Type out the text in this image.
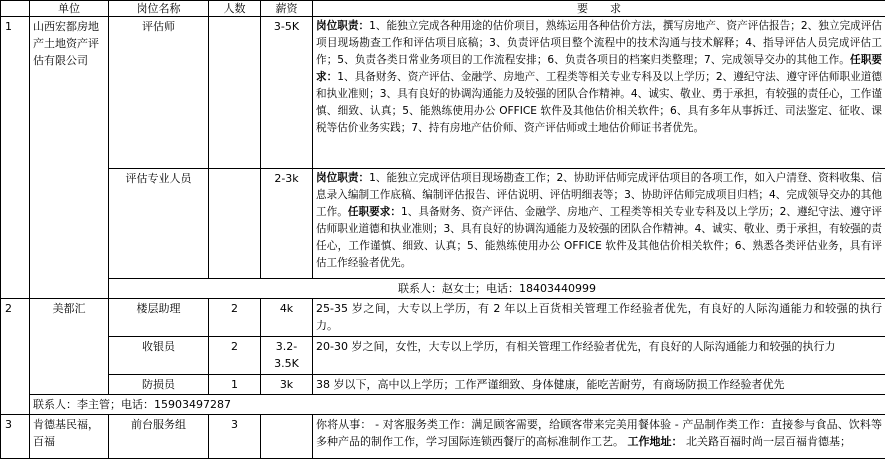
	单位	岗位名称	人数	薪资	要　　求
1	山西宏都房地产土地资产评估有限公司	评估师		3-5K	岗位职责：1、能独立完成各种用途的估价项目，熟练运用各种估价方法，撰写房地产、资产评估报告；2、独立完成评估项目现场勘查工作和评估项目底稿；3、负责评估项目整个流程中的技术沟通与技术解释；4、指导评估人员完成评估工作；5、负责各类日常业务项目的工作流程安排；6、负责各项目的档案归类整理；7、完成领导交办的其他工作。任职要求：1、具备财务、资产评估、金融学、房地产、工程类等相关专业专科及以上学历；2、遵纪守法、遵守评估师职业道德和执业准则；3、具有良好的协调沟通能力及较强的团队合作精神。4、诚实、敬业、勇于承担，有较强的责任心，工作谨慎、细致、认真；5、能熟练使用办公 OFFICE 软件及其他估价相关软件；6、具有多年从事拆迁、司法鉴定、征收、课税等估价业务实践；7、持有房地产估价师、资产评估师或土地估价师证书者优先。
		评估专业人员		2-3k	岗位职责：1、能独立完成评估项目现场勘查工作；2、协助评估师完成评估项目的各项工作，如入户清登、资料收集、信息录入编制工作底稿、编制评估报告、评估说明、评估明细表等；3、协助评估师完成项目归档；4、完成领导交办的其他工作。任职要求：1、具备财务、资产评估、金融学、房地产、工程类等相关专业专科及以上学历；2、遵纪守法、遵守评估师职业道德和执业准则；3、具有良好的协调沟通能力及较强的团队合作精神。4、诚实、敬业、勇于承担，有较强的责任心，工作谨慎、细致、认真；5、能熟练使用办公 OFFICE 软件及其他估价相关软件；6、熟悉各类评估业务，具有评估工作经验者优先。
		联系人：赵女士；电话：18403440999			
2	美都汇	楼层助理	2	4k	25-35 岁之间，大专以上学历，有 2 年以上百货相关管理工作经验者优先，有良好的人际沟通能力和较强的执行力。
		收银员	2	3.2-3.5K	20-30 岁之间，女性，大专以上学历，有相关管理工作经验者优先，有良好的人际沟通能力和较强的执行力
		防损员	1	3k	38 岁以下，高中以上学历；工作严谨细致、身体健康，能吃苦耐劳，有商场防损工作经验者优先
	联系人：李主管；电话：15903497287				
3	肯德基民福，百福	前台服务组	3		你将从事： - 对客服务类工作：满足顾客需要，给顾客带来完美用餐体验 - 产品制作类工作：直接参与食品、饮料等多种产品的制作工作，学习国际连锁西餐厅的高标准制作工艺。 工作地址： 北关路百福时尚一层百福肯德基；
